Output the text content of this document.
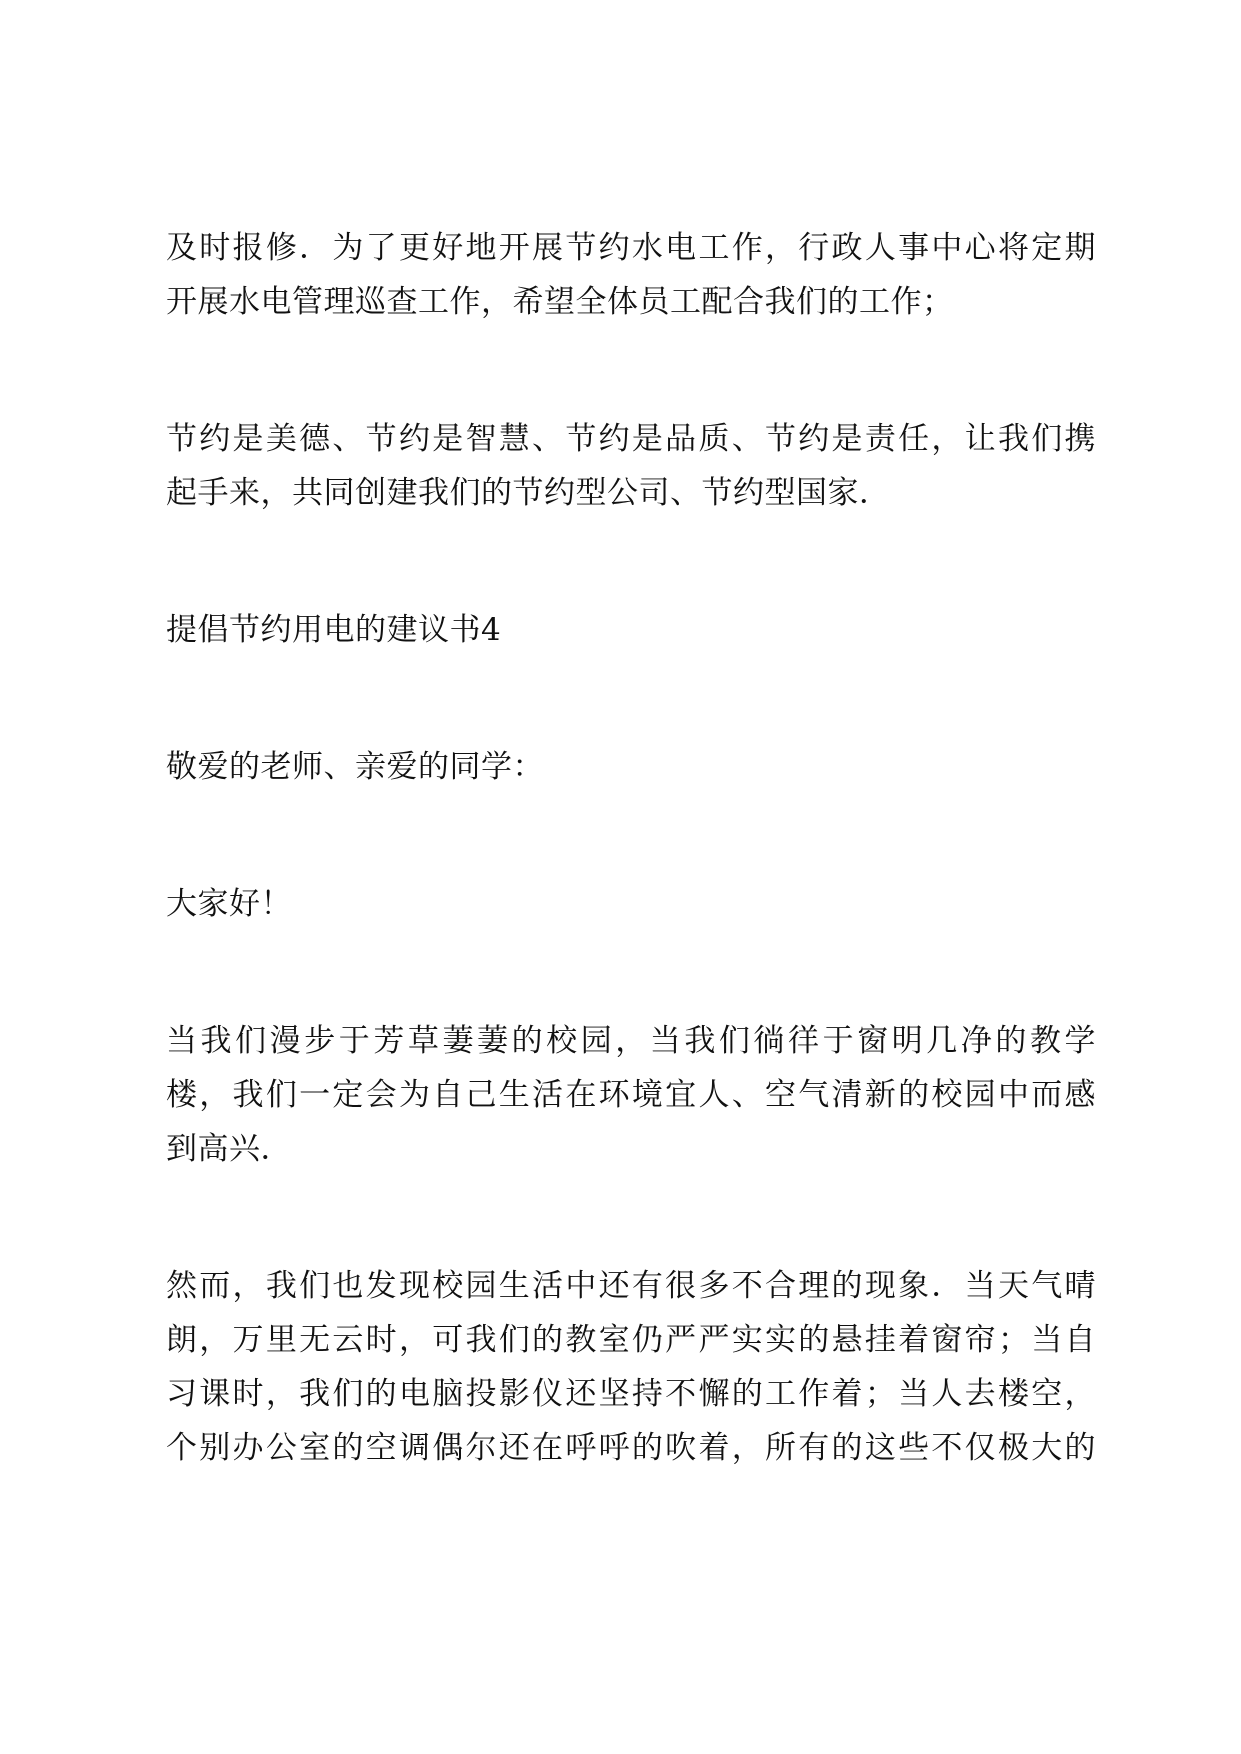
及时报修．为了更好地开展节约水电工作，行政人事中心将定期
开展水电管理巡查工作，希望全体员工配合我们的工作；
节约是美德、节约是智慧、节约是品质、节约是责任，让我们携
起手来，共同创建我们的节约型公司、节约型国家．
提倡节约用电的建议书4
敬爱的老师、亲爱的同学：
大家好！
当我们漫步于芳草萋萋的校园，当我们徜徉于窗明几净的教学
楼，我们一定会为自己生活在环境宜人、空气清新的校园中而感
到高兴．
然而，我们也发现校园生活中还有很多不合理的现象．当天气晴
朗，万里无云时，可我们的教室仍严严实实的悬挂着窗帘；当自
习课时，我们的电脑投影仪还坚持不懈的工作着；当人去楼空，
个别办公室的空调偶尔还在呼呼的吹着，所有的这些不仅极大的
